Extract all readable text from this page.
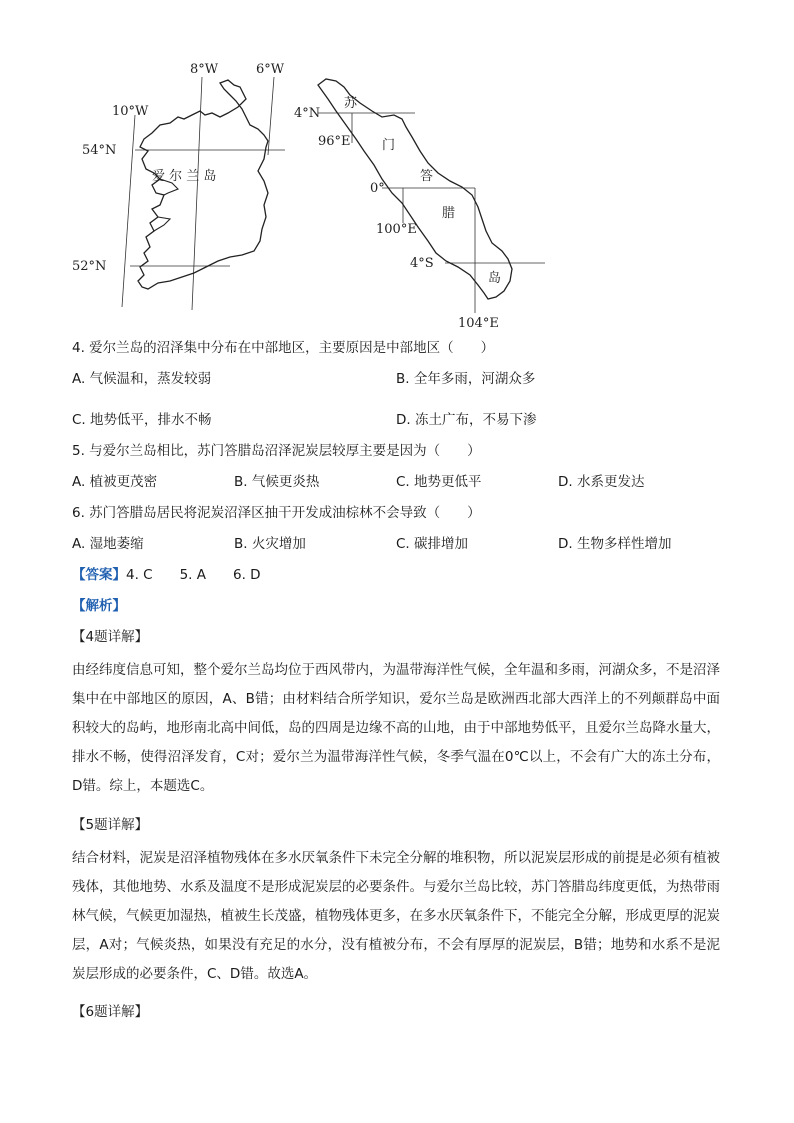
8°W	6°W
10°W
54°N
52°N
爱 尔 兰 岛
4°N
96°E
0°
100°E
4°S
104°E
苏
门
答
腊
岛
4. 爱尔兰岛的沼泽集中分布在中部地区，主要原因是中部地区（　　）
A. 气候温和，蒸发较弱	B. 全年多雨，河湖众多
C. 地势低平，排水不畅	D. 冻土广布，不易下渗
5. 与爱尔兰岛相比，苏门答腊岛沼泽泥炭层较厚主要是因为（　　）
A. 植被更茂密	B. 气候更炎热	C. 地势更低平	D. 水系更发达
6. 苏门答腊岛居民将泥炭沼泽区抽干开发成油棕林不会导致（　　）
A. 湿地萎缩	B. 火灾增加	C. 碳排增加	D. 生物多样性增加
【答案】4. C　　5. A　　6. D
【解析】
【4题详解】
由经纬度信息可知，整个爱尔兰岛均位于西风带内，为温带海洋性气候，全年温和多雨，河湖众多，不是沼泽集中在中部地区的原因，A、B错；由材料结合所学知识，爱尔兰岛是欧洲西北部大西洋上的不列颠群岛中面积较大的岛屿，地形南北高中间低，岛的四周是边缘不高的山地，由于中部地势低平，且爱尔兰岛降水量大，排水不畅，使得沼泽发育，C对；爱尔兰为温带海洋性气候，冬季气温在0℃以上，不会有广大的冻土分布，D错。综上，本题选C。
【5题详解】
结合材料，泥炭是沼泽植物残体在多水厌氧条件下未完全分解的堆积物，所以泥炭层形成的前提是必须有植被残体，其他地势、水系及温度不是形成泥炭层的必要条件。与爱尔兰岛比较，苏门答腊岛纬度更低，为热带雨林气候，气候更加湿热，植被生长茂盛，植物残体更多，在多水厌氧条件下，不能完全分解，形成更厚的泥炭层，A对；气候炎热，如果没有充足的水分，没有植被分布，不会有厚厚的泥炭层，B错；地势和水系不是泥炭层形成的必要条件，C、D错。故选A。
【6题详解】
